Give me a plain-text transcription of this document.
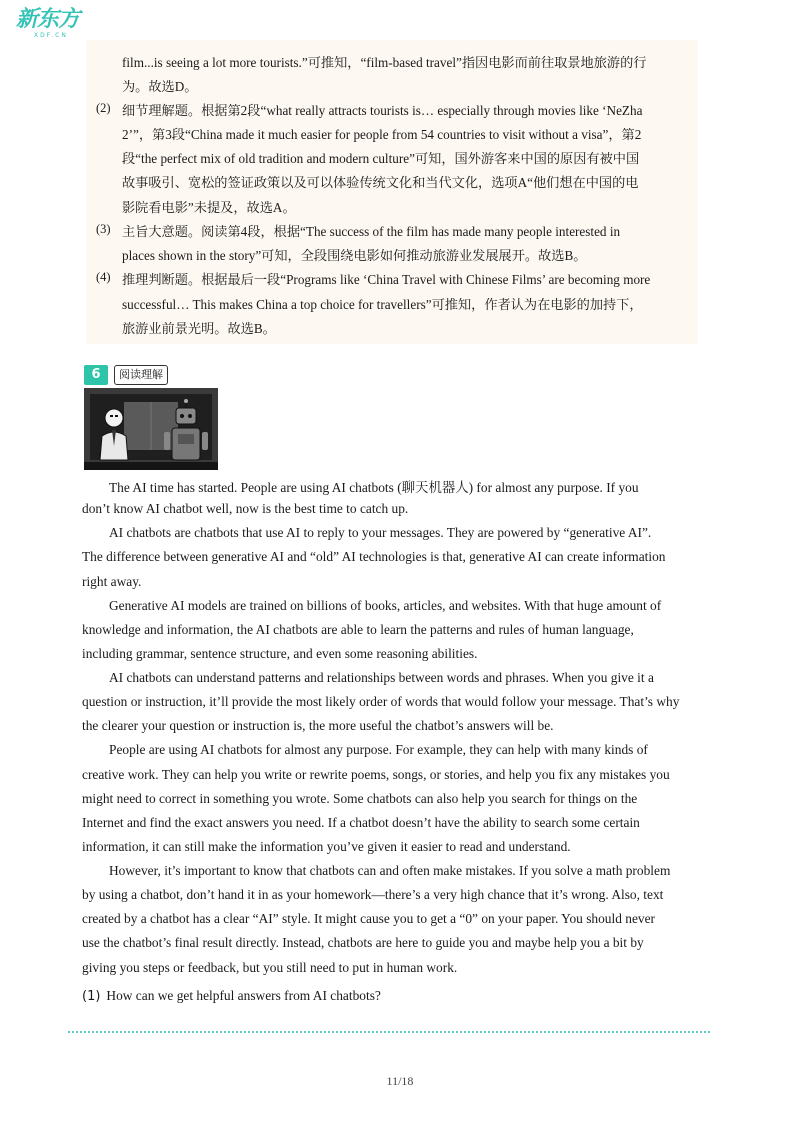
新东方
XDF.CN
film...is seeing a lot more tourists.”可推知，“film-based travel”指因电影而前往取景地旅游的行
为。故选D。
(2) 细节理解题。根据第2段“what really attracts tourists is… especially through movies like ‘NeZha
2’”，第3段“China made it much easier for people from 54 countries to visit without a visa”，第2
段“the perfect mix of old tradition and modern culture”可知，国外游客来中国的原因有被中国
故事吸引、宽松的签证政策以及可以体验传统文化和当代文化，选项A“他们想在中国的电
影院看电影”未提及，故选A。
(3) 主旨大意题。阅读第4段，根据“The success of the film has made many people interested in
places shown in the story”可知，全段围绕电影如何推动旅游业发展展开。故选B。
(4) 推理判断题。根据最后一段“Programs like ‘China Travel with Chinese Films’ are becoming more
successful… This makes China a top choice for travellers”可推知，作者认为在电影的加持下，
旅游业前景光明。故选B。
6	阅读理解
The AI time has started. People are using AI chatbots (聊天机器人) for almost any purpose. If you
don’t know AI chatbot well, now is the best time to catch up.
AI chatbots are chatbots that use AI to reply to your messages. They are powered by “generative AI”.
The difference between generative AI and “old” AI technologies is that, generative AI can create information
right away.
Generative AI models are trained on billions of books, articles, and websites. With that huge amount of
knowledge and information, the AI chatbots are able to learn the patterns and rules of human language,
including grammar, sentence structure, and even some reasoning abilities.
AI chatbots can understand patterns and relationships between words and phrases. When you give it a
question or instruction, it’ll provide the most likely order of words that would follow your message. That’s why
the clearer your question or instruction is, the more useful the chatbot’s answers will be.
People are using AI chatbots for almost any purpose. For example, they can help with many kinds of
creative work. They can help you write or rewrite poems, songs, or stories, and help you fix any mistakes you
might need to correct in something you wrote. Some chatbots can also help you search for things on the
Internet and find the exact answers you need. If a chatbot doesn’t have the ability to search some certain
information, it can still make the information you’ve given it easier to read and understand.
However, it’s important to know that chatbots can and often make mistakes. If you solve a math problem
by using a chatbot, don’t hand it in as your homework—there’s a very high chance that it’s wrong. Also, text
created by a chatbot has a clear “AI” style. It might cause you to get a “0” on your paper. You should never
use the chatbot’s final result directly. Instead, chatbots are here to guide you and maybe help you a bit by
giving you steps or feedback, but you still need to put in human work.
(1) How can we get helpful answers from AI chatbots?
11/18
